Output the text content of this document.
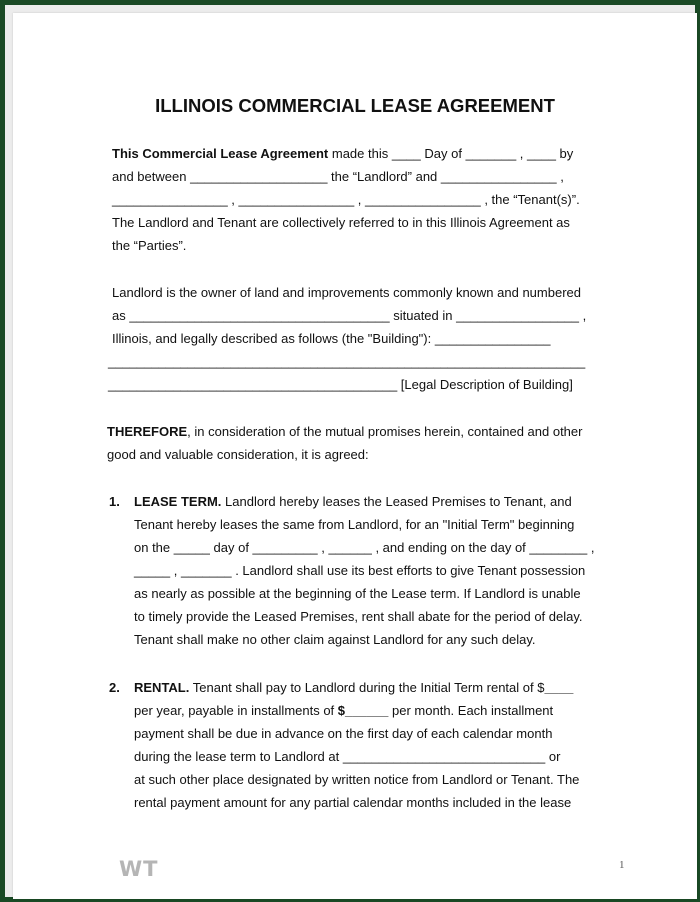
ILLINOIS COMMERCIAL LEASE AGREEMENT
This Commercial Lease Agreement made this ____ Day of _______ , ____ by
and between ___________________ the “Landlord” and ________________ ,
________________ , ________________ , ________________ , the “Tenant(s)”.
The Landlord and Tenant are collectively referred to in this Illinois Agreement as
the “Parties”.
Landlord is the owner of land and improvements commonly known and numbered
as ____________________________________ situated in _________________ ,
Illinois, and legally described as follows (the "Building"): ________________
__________________________________________________________________
________________________________________ [Legal Description of Building]
THEREFORE, in consideration of the mutual promises herein, contained and other
good and valuable consideration, it is agreed:
1. LEASE TERM. Landlord hereby leases the Leased Premises to Tenant, and
Tenant hereby leases the same from Landlord, for an "Initial Term" beginning
on the _____ day of _________ , ______ , and ending on the day of ________ ,
_____ , _______ . Landlord shall use its best efforts to give Tenant possession
as nearly as possible at the beginning of the Lease term. If Landlord is unable
to timely provide the Leased Premises, rent shall abate for the period of delay.
Tenant shall make no other claim against Landlord for any such delay.
2. RENTAL. Tenant shall pay to Landlord during the Initial Term rental of $____
per year, payable in installments of $______ per month. Each installment
payment shall be due in advance on the first day of each calendar month
during the lease term to Landlord at ____________________________ or
at such other place designated by written notice from Landlord or Tenant. The
rental payment amount for any partial calendar months included in the lease
WT	1
